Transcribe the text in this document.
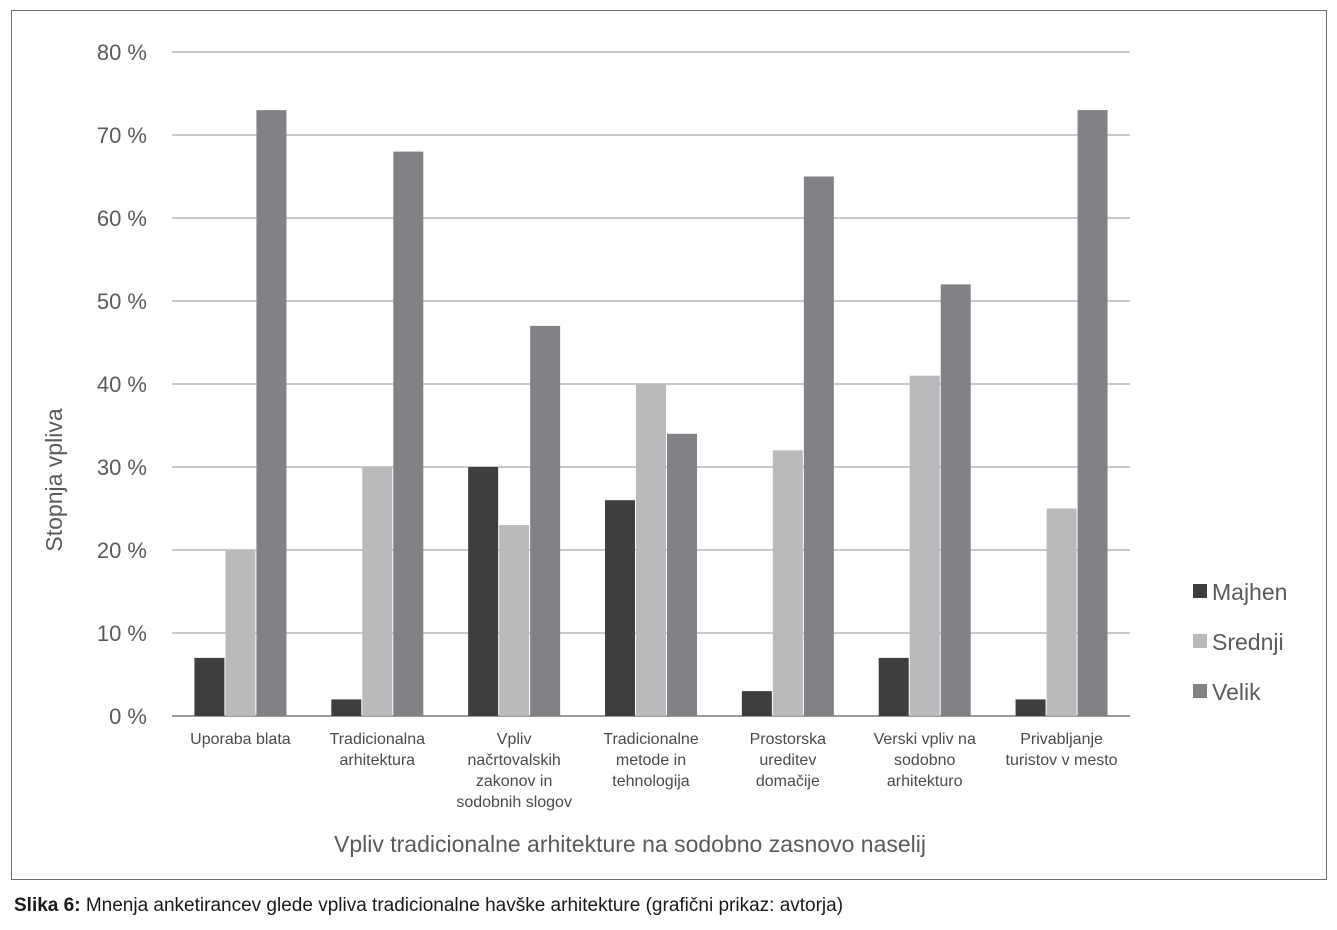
0 %
10 %
20 %
30 %
40 %
50 %
60 %
70 %
80 %
Uporaba blata Tradicionalna arhitektura
Vpliv načrtovalskih zakonov in sodobnih slogov
Tradicionalne metode in tehnologija
Prostorska ureditev domačije
Verski vpliv na sodobno arhitekturo
Privabljanje turistov v mesto
Stopnja vpliva
Vpliv tradicionalne arhitekture na sodobno zasnovo naselij
Majhen
Srednji
Velik
Slika 6: Mnenja anketirancev glede vpliva tradicionalne havške arhitekture (grafični prikaz: avtorja)
